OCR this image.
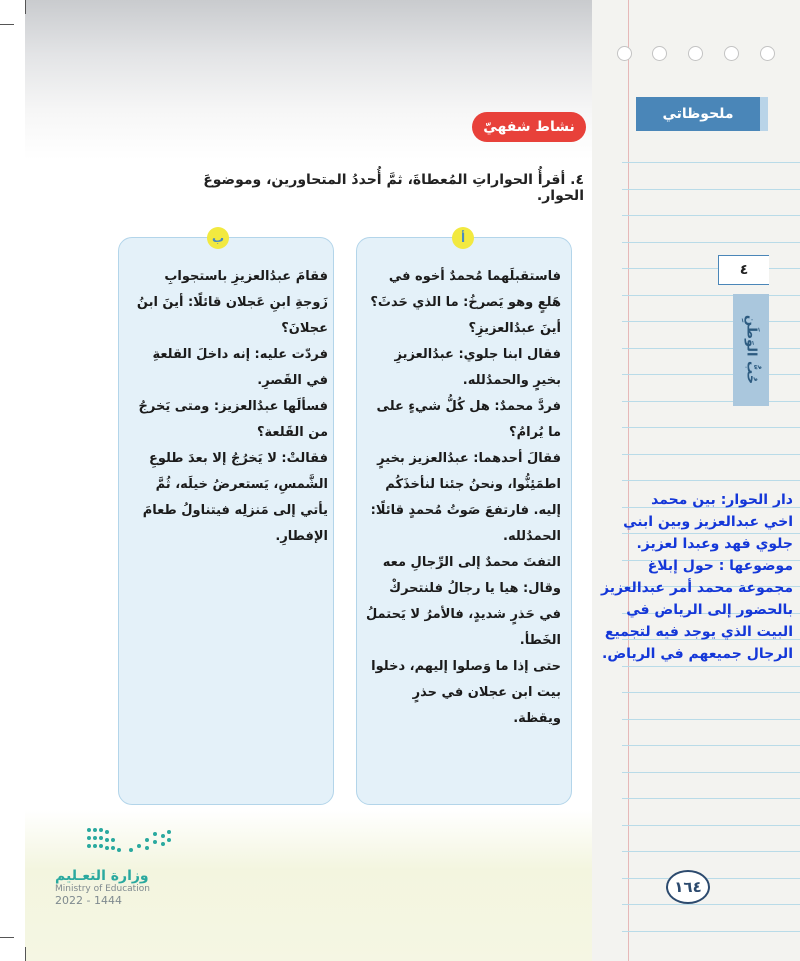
نشاط شفهيّ
٤. أقرأُ الحواراتِ المُعطاةَ، ثمَّ أُحددُ المتحاورين، وموضوعَ الحوار.
أ

فاستقبلَهما مُحمدٌ أخوه في هَلعٍ وهو يَصرخُ: ما الذي حَدثَ؟ أينَ عبدُالعزيزِ؟

فقال ابنا جلوي: عبدُالعزيزِ بخيرٍ والحمدُلله.

فردَّ محمدٌ: هل كُلُّ شيءٍ على ما يُرامُ؟

فقالَ أحدهما: عبدُالعزيز بخيرٍ اطمَئِنُّوا، ونحنُ جئنا لنأخذَكُم إليه. فارتفعَ صَوتُ مُحمدٍ قائلًا: الحمدُلله.

التفتَ محمدٌ إلى الرِّجالِ معه وقال: هيا يا رجالُ فلنتحركْ في حَذرٍ شديدٍ، فالأمرُ لا يَحتملُ الخَطأ.

حتى إذا ما وَصلوا إليهم، دخلوا بيت ابن عجلان في حذرٍ ويقظة.

ب

فقامَ عبدُالعزيزِ باستجوابِ زَوجةِ ابنِ عَجلان قائلًا: أينَ ابنُ عجلانَ؟

فردّت عليه: إنه داخلَ القلعةِ في القَصرِ.

فسألَها عبدُالعزيز: ومتى يَخرجُ من القَلعة؟

فقالتْ: لا يَخرُجُ إلا بعدَ طلوعِ الشَّمسِ، يَستعرضُ خيلَه، ثُمَّ يأتي إلى مَنزلِه فيتناولُ طعامَ الإفطارِ.

ملحوظاتي
٤
حُبُّ الوَطَنِ

دار الحوار: بين محمد

اخي عبدالعزيز وبين ابني

جلوي فهد وعبدا لعزيز.

موضوعها : حول إبلاغ

مجموعة محمد أمر عبدالعزيز

بالحضور إلى الرياض في

البيت الذي يوجد فيه لتجميع

الرجال جميعهم في الرياض.

١٦٤
وزارة التعـليم
Ministry of Education
2022 - 1444
